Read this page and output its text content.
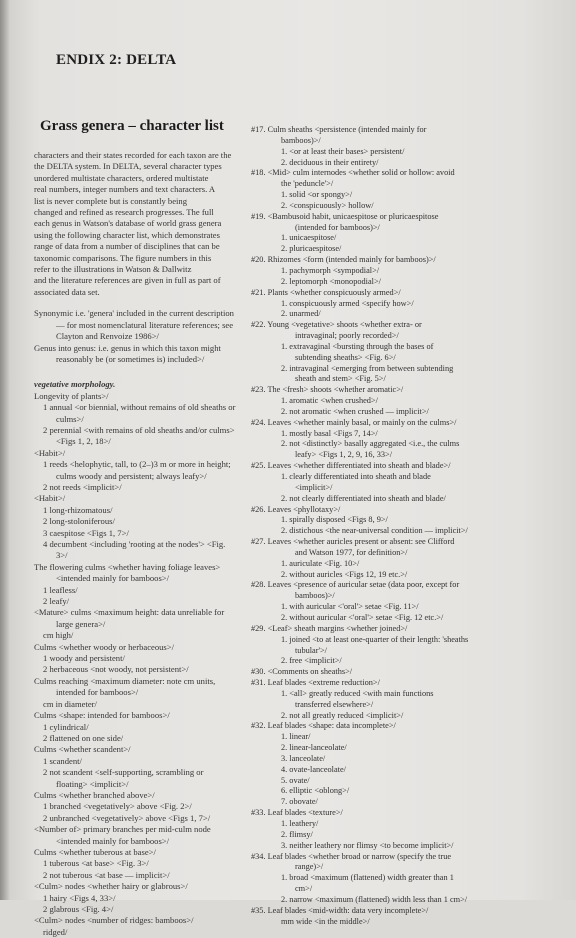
ENDIX 2: DELTA
Grass genera – character list
characters and their states recorded for each taxon are the
the DELTA system. In DELTA, several character types
unordered multistate characters, ordered multistate
real numbers, integer numbers and text characters. A
list is never complete but is constantly being
changed and refined as research progresses. The full
each genus in Watson's database of world grass genera
using the following character list, which demonstrates
range of data from a number of disciplines that can be
taxonomic comparisons. The figure numbers in this
refer to the illustrations in Watson & Dallwitz
and the literature references are given in full as part of
associated data set.
Synonymic i.e. 'genera' included in the current description
— for most nomenclatural literature references; see
Clayton and Renvoize 1986>/
Genus into genus: i.e. genus in which this taxon might
reasonably be (or sometimes is) included>/
vegetative morphology.
Longevity of plants>/
1 annual <or biennial, without remains of old sheaths or
culms>/
2 perennial <with remains of old sheaths and/or culms>
<Figs 1, 2, 18>/
<Habit>/
1 reeds <helophytic, tall, to (2–)3 m or more in height;
culms woody and persistent; always leafy>/
2 not reeds <implicit>/
<Habit>/
1 long-rhizomatous/
2 long-stoloniferous/
3 caespitose <Figs 1, 7>/
4 decumbent <including 'rooting at the nodes'> <Fig.
3>/
The flowering culms <whether having foliage leaves>
<intended mainly for bamboos>/
1 leafless/
2 leafy/
<Mature> culms <maximum height: data unreliable for
large genera>/
cm high/
Culms <whether woody or herbaceous>/
1 woody and persistent/
2 herbaceous <not woody, not persistent>/
Culms reaching <maximum diameter: note cm units,
intended for bamboos>/
cm in diameter/
Culms <shape: intended for bamboos>/
1 cylindrical/
2 flattened on one side/
Culms <whether scandent>/
1 scandent/
2 not scandent <self-supporting, scrambling or
floating> <implicit>/
Culms <whether branched above>/
1 branched <vegetatively> above <Fig. 2>/
2 unbranched <vegetatively> above <Figs 1, 7>/
<Number of> primary branches per mid-culm node
<intended mainly for bamboos>/
Culms <whether tuberous at base>/
1 tuberous <at base> <Fig. 3>/
2 not tuberous <at base — implicit>/
<Culm> nodes <whether hairy or glabrous>/
1 hairy <Figs 4, 33>/
2 glabrous <Fig. 4>/
<Culm> nodes <number of ridges: bamboos>/
ridged/
#17. Culm sheaths <persistence (intended mainly for
bamboos)>/
1. <or at least their bases> persistent/
2. deciduous in their entirety/
#18. <Mid> culm internodes <whether solid or hollow: avoid
the 'peduncle'>/
1. solid <or spongy>/
2. <conspicuously> hollow/
#19. <Bambusoid habit, unicaespitose or pluricaespitose
(intended for bamboos)>/
1. unicaespitose/
2. pluricaespitose/
#20. Rhizomes <form (intended mainly for bamboos)>/
1. pachymorph <sympodial>/
2. leptomorph <monopodial>/
#21. Plants <whether conspicuously armed>/
1. conspicuously armed <specify how>/
2. unarmed/
#22. Young <vegetative> shoots <whether extra- or
intravaginal; poorly recorded>/
1. extravaginal <bursting through the bases of
subtending sheaths> <Fig. 6>/
2. intravaginal <emerging from between subtending
sheath and stem> <Fig. 5>/
#23. The <fresh> shoots <whether aromatic>/
1. aromatic <when crushed>/
2. not aromatic <when crushed — implicit>/
#24. Leaves <whether mainly basal, or mainly on the culms>/
1. mostly basal <Figs 7, 14>/
2. not <distinctly> basally aggregated <i.e., the culms
leafy> <Figs 1, 2, 9, 16, 33>/
#25. Leaves <whether differentiated into sheath and blade>/
1. clearly differentiated into sheath and blade
<implicit>/
2. not clearly differentiated into sheath and blade/
#26. Leaves <phyllotaxy>/
1. spirally disposed <Figs 8, 9>/
2. distichous <the near-universal condition — implicit>/
#27. Leaves <whether auricles present or absent: see Clifford
and Watson 1977, for definition>/
1. auriculate <Fig. 10>/
2. without auricles <Figs 12, 19 etc.>/
#28. Leaves <presence of auricular setae (data poor, except for
bamboos)>/
1. with auricular <'oral'> setae <Fig. 11>/
2. without auricular <'oral'> setae <Fig. 12 etc.>/
#29. <Leaf> sheath margins <whether joined>/
1. joined <to at least one-quarter of their length: 'sheaths
tubular'>/
2. free <implicit>/
#30. <Comments on sheaths>/
#31. Leaf blades <extreme reduction>/
1. <all> greatly reduced <with main functions
transferred elsewhere>/
2. not all greatly reduced <implicit>/
#32. Leaf blades <shape: data incomplete>/
1. linear/
2. linear-lanceolate/
3. lanceolate/
4. ovate-lanceolate/
5. ovate/
6. elliptic <oblong>/
7. obovate/
#33. Leaf blades <texture>/
1. leathery/
2. flimsy/
3. neither leathery nor flimsy <to become implicit>/
#34. Leaf blades <whether broad or narrow (specify the true
range)>/
1. broad <maximum (flattened) width greater than 1
cm>/
2. narrow <maximum (flattened) width less than 1 cm>/
#35. Leaf blades <mid-width: data very incomplete>/
mm wide <in the middle>/
